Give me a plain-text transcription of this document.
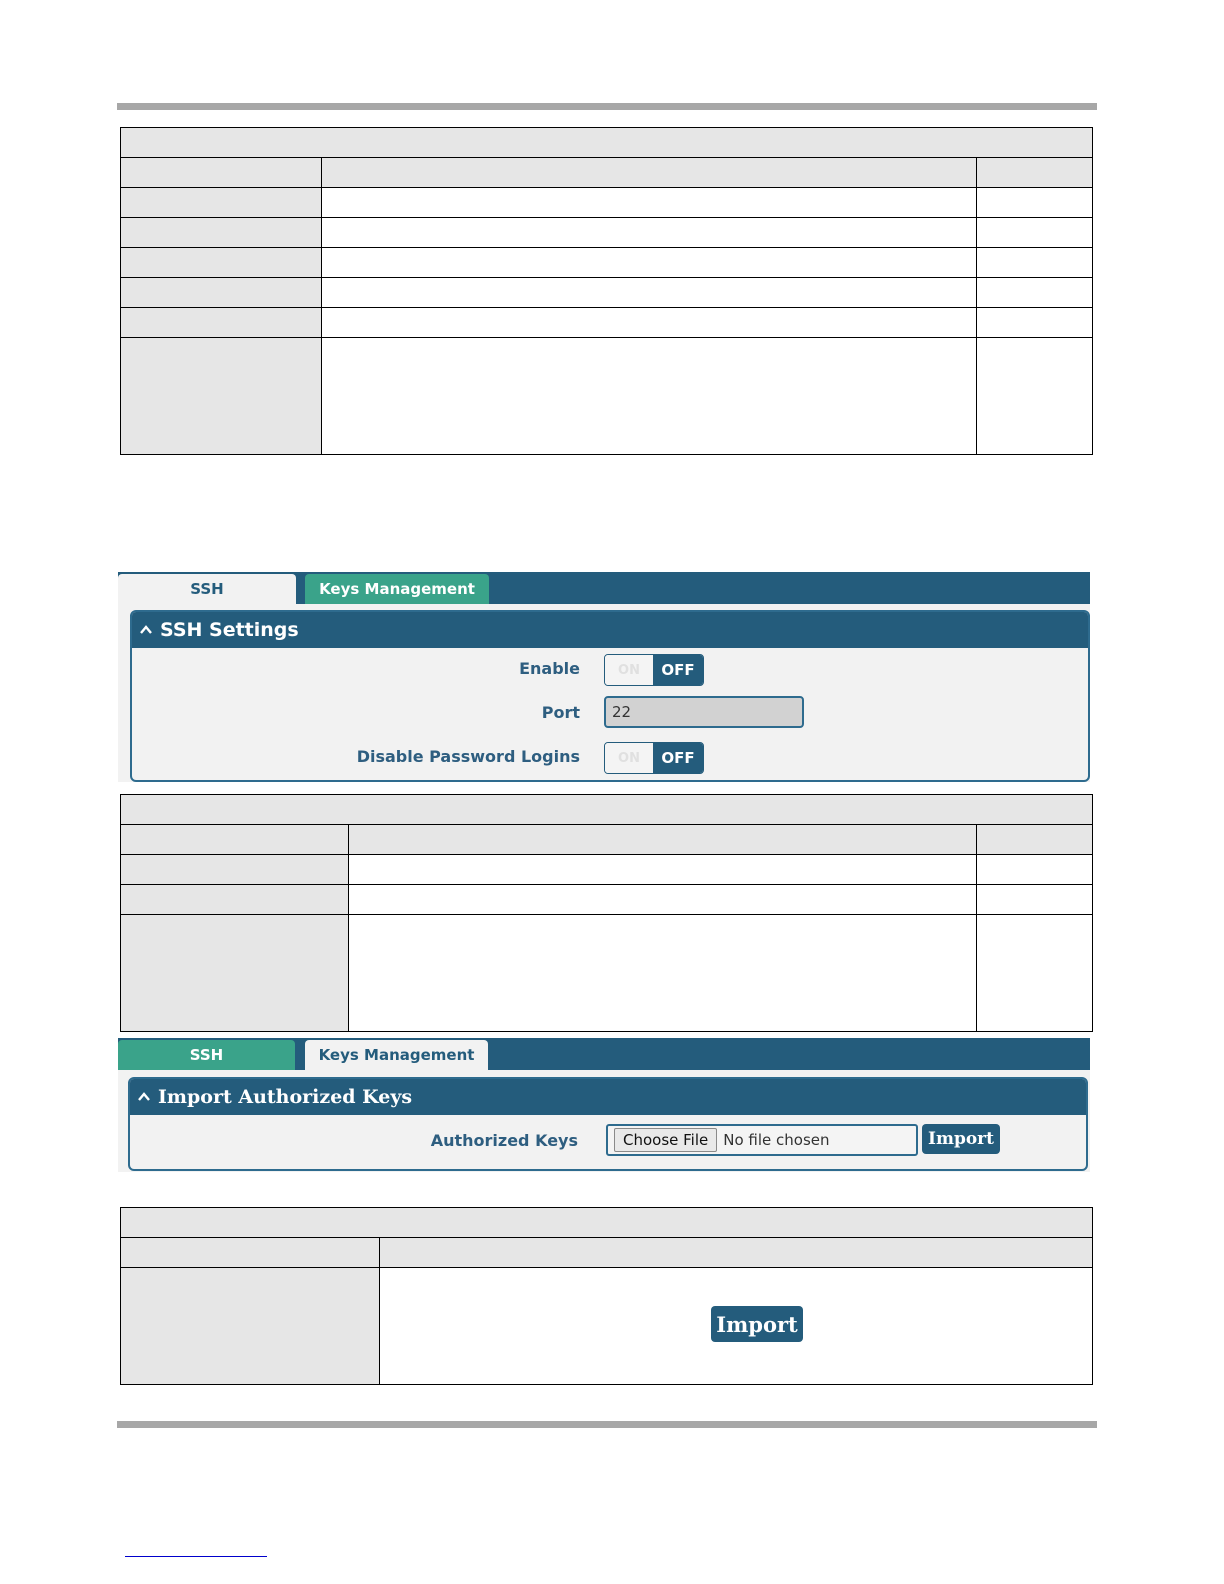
SSH	Keys Management
SSH Settings
Enable	ON	OFF
Port	22
Disable Password Logins	ON	OFF

SSH	Keys Management
Import Authorized Keys
Authorized Keys	Choose File	No file chosen	Import

Import
